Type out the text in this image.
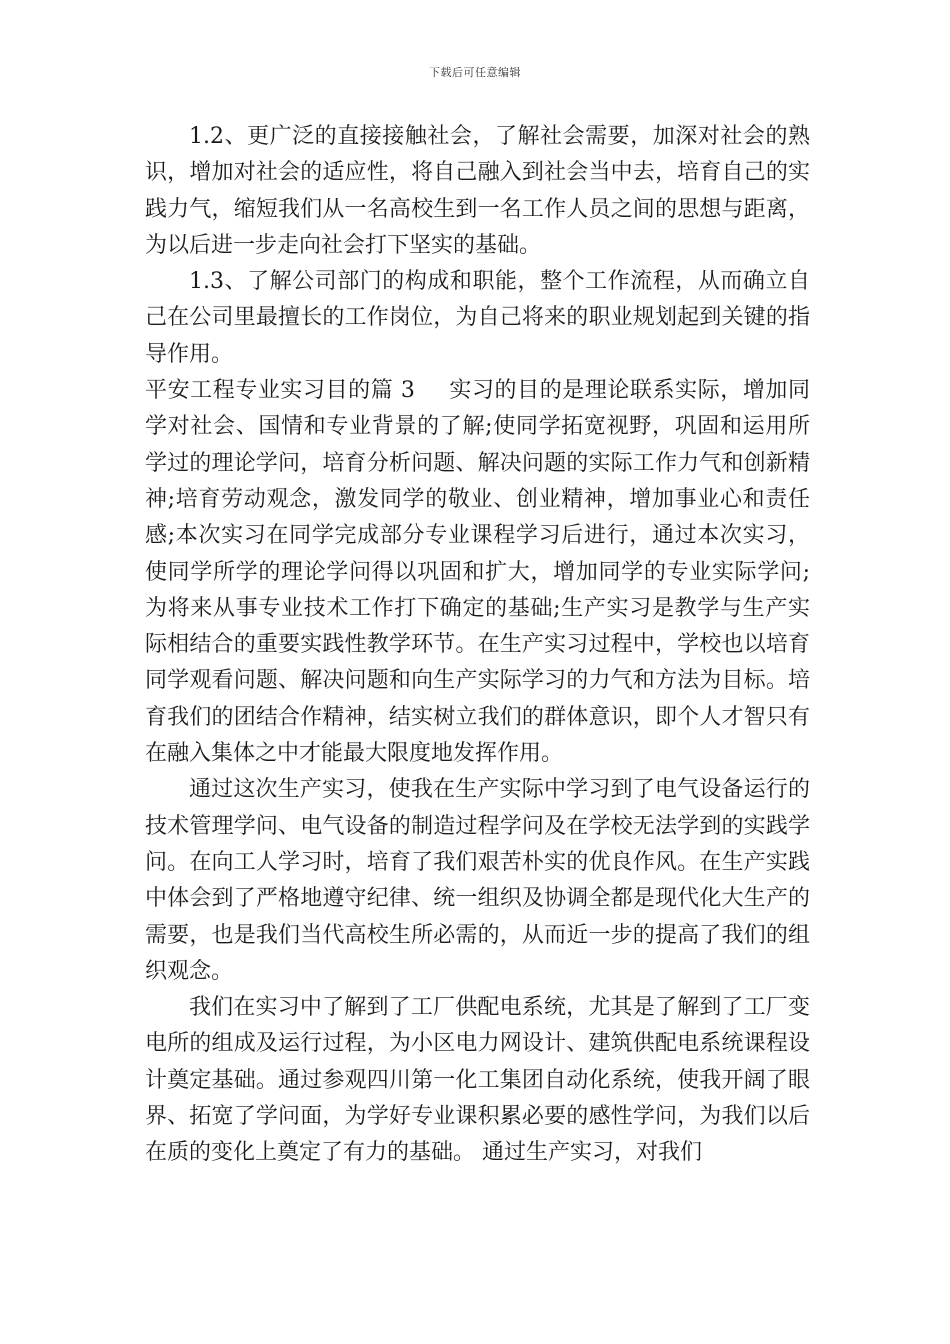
下载后可任意编辑

1.2、更广泛的直接接触社会，了解社会需要，加深对社会的熟识，增加对社会的适应性，将自己融入到社会当中去，培育自己的实践力气，缩短我们从一名高校生到一名工作人员之间的思想与距离，为以后进一步走向社会打下坚实的基础。

1.3、了解公司部门的构成和职能，整个工作流程，从而确立自己在公司里最擅长的工作岗位，为自己将来的职业规划起到关键的指导作用。

平安工程专业实习目的篇 3 实习的目的是理论联系实际，增加同学对社会、国情和专业背景的了解;使同学拓宽视野，巩固和运用所学过的理论学问，培育分析问题、解决问题的实际工作力气和创新精神;培育劳动观念，激发同学的敬业、创业精神，增加事业心和责任感;本次实习在同学完成部分专业课程学习后进行，通过本次实习，使同学所学的理论学问得以巩固和扩大，增加同学的专业实际学问;为将来从事专业技术工作打下确定的基础;生产实习是教学与生产实际相结合的重要实践性教学环节。在生产实习过程中，学校也以培育同学观看问题、解决问题和向生产实际学习的力气和方法为目标。培育我们的团结合作精神，结实树立我们的群体意识，即个人才智只有在融入集体之中才能最大限度地发挥作用。

通过这次生产实习，使我在生产实际中学习到了电气设备运行的技术管理学问、电气设备的制造过程学问及在学校无法学到的实践学问。在向工人学习时，培育了我们艰苦朴实的优良作风。在生产实践中体会到了严格地遵守纪律、统一组织及协调全都是现代化大生产的需要，也是我们当代高校生所必需的，从而近一步的提高了我们的组织观念。

我们在实习中了解到了工厂供配电系统，尤其是了解到了工厂变电所的组成及运行过程，为小区电力网设计、建筑供配电系统课程设计奠定基础。通过参观四川第一化工集团自动化系统，使我开阔了眼界、拓宽了学问面，为学好专业课积累必要的感性学问，为我们以后在质的变化上奠定了有力的基础。 通过生产实习，对我们
